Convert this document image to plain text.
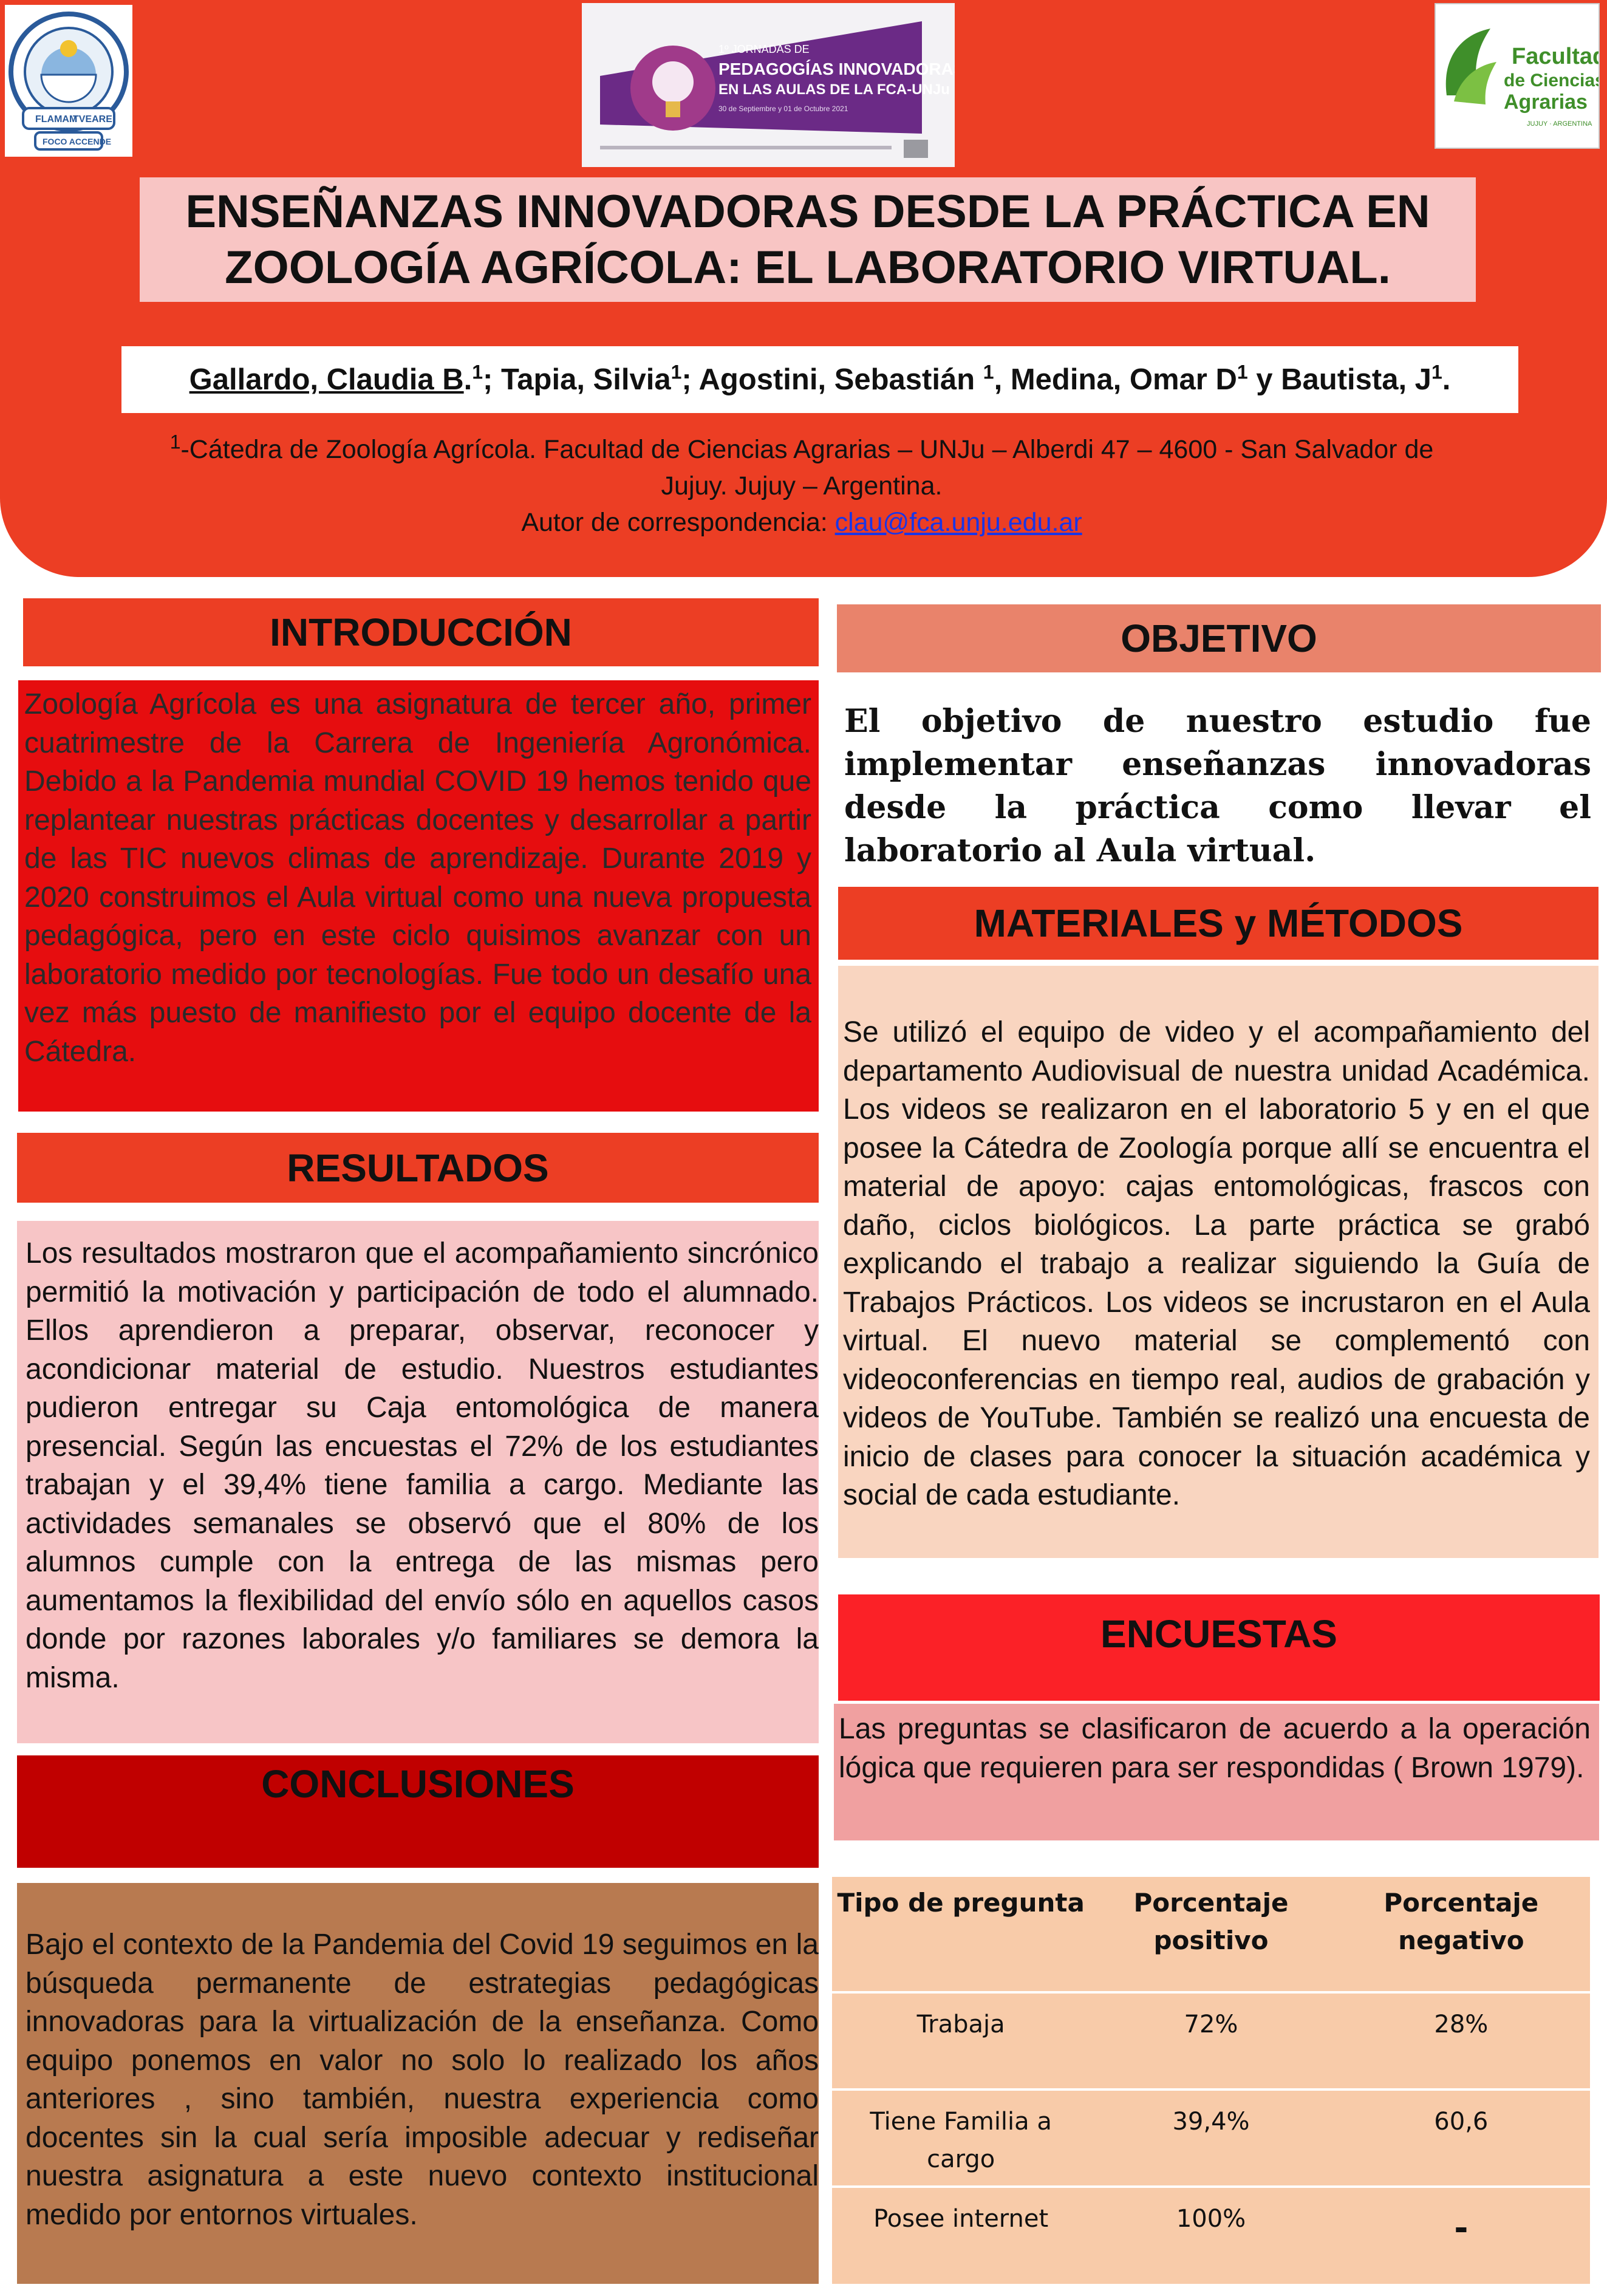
FLAMAM
TVEARE
FOCO ACCENDE
1º JORNADAS DE
PEDAGOGÍAS INNOVADORAS
EN LAS AULAS DE LA FCA-UNJu
30 de Septiembre y 01 de Octubre 2021
Facultad
de Ciencias
Agrarias
JUJUY · ARGENTINA
ENSEÑANZAS INNOVADORAS DESDE LA PRÁCTICA EN
ZOOLOGÍA AGRÍCOLA: EL LABORATORIO VIRTUAL.
Gallardo, Claudia B.$^1$; Tapia, Silvia$^1$; Agostini, Sebastián $^1$, Medina, Omar $D^1$ y Bautista, $J^1$.
$^1$-Cátedra de Zoología Agrícola. Facultad de Ciencias Agrarias – UNJu – Alberdi 47 – 4600 - San Salvador de
Jujuy. Jujuy – Argentina.
Autor de correspondencia: clau@fca.unju.edu.ar
INTRODUCCIÓN
Zoología Agrícola es una asignatura de tercer año, primer cuatrimestre de la Carrera de Ingeniería Agronómica. Debido a la Pandemia mundial COVID 19 hemos tenido que replantear nuestras prácticas docentes y desarrollar a partir de las TIC nuevos climas de aprendizaje. Durante 2019 y 2020 construimos el Aula virtual como una nueva propuesta pedagógica, pero en este ciclo quisimos avanzar con un laboratorio medido por tecnologías. Fue todo un desafío una vez más puesto de manifiesto por el equipo docente de la Cátedra.
RESULTADOS
Los resultados mostraron que el acompañamiento sincrónico permitió la motivación y participación de todo el alumnado. Ellos aprendieron a preparar, observar, reconocer y acondicionar material de estudio. Nuestros estudiantes pudieron entregar su Caja entomológica de manera presencial. Según las encuestas el 72% de los estudiantes trabajan y el 39,4% tiene familia a cargo. Mediante las actividades semanales se observó que el 80% de los alumnos cumple con la entrega de las mismas pero aumentamos la flexibilidad del envío sólo en aquellos casos donde por razones laborales y/o familiares se demora la misma.
CONCLUSIONES
Bajo el contexto de la Pandemia del Covid 19 seguimos en la búsqueda permanente de estrategias pedagógicas innovadoras para la virtualización de la enseñanza. Como equipo ponemos en valor no solo lo realizado los años anteriores , sino también, nuestra experiencia como docentes sin la cual sería imposible adecuar y rediseñar nuestra asignatura a este nuevo contexto institucional medido por entornos virtuales.
OBJETIVO
El objetivo de nuestro estudio fue implementar enseñanzas innovadoras desde la práctica como llevar el laboratorio al Aula virtual.
MATERIALES y MÉTODOS
Se utilizó el equipo de video y el acompañamiento del departamento Audiovisual de nuestra unidad Académica. Los videos se realizaron en el laboratorio 5 y en el que posee la Cátedra de Zoología porque allí se encuentra el material de apoyo: cajas entomológicas, frascos con daño, ciclos biológicos. La parte práctica se grabó explicando el trabajo a realizar siguiendo la Guía de Trabajos Prácticos. Los videos se incrustaron en el Aula virtual. El nuevo material se complementó con videoconferencias en tiempo real, audios de grabación y videos de YouTube. También se realizó una encuesta de inicio de clases para conocer la situación académica y social de cada estudiante.
ENCUESTAS
Las preguntas se clasificaron de acuerdo a la operación lógica que requieren para ser respondidas ( Brown 1979).
Tipo de pregunta	Porcentaje positivo	Porcentaje negativo
Trabaja	72%	28%
Tiene Familia a cargo	39,4%	60,6
Posee internet	100%	-
